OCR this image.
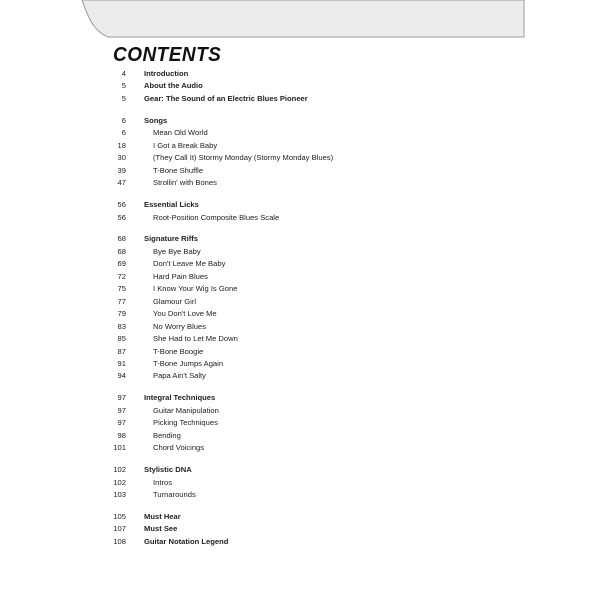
CONTENTS
4 Introduction
5 About the Audio
5 Gear: The Sound of an Electric Blues Pioneer
6 Songs
6	Mean Old World
18	I Got a Break Baby
30	(They Call It) Stormy Monday (Stormy Monday Blues)
39	T-Bone Shuffle
47	Strollin' with Bones
56 Essential Licks
56	Root-Position Composite Blues Scale
68 Signature Riffs
68	Bye Bye Baby
69	Don't Leave Me Baby
72	Hard Pain Blues
75	I Know Your Wig Is Gone
77	Glamour Girl
79	You Don't Love Me
83	No Worry Blues
85	She Had to Let Me Down
87	T-Bone Boogie
91	T-Bone Jumps Again
94	Papa Ain't Salty
97 Integral Techniques
97	Guitar Manipulation
97	Picking Techniques
98	Bending
101	Chord Voicings
102 Stylistic DNA
102	Intros
103	Turnarounds
105 Must Hear
107 Must See
108 Guitar Notation Legend
